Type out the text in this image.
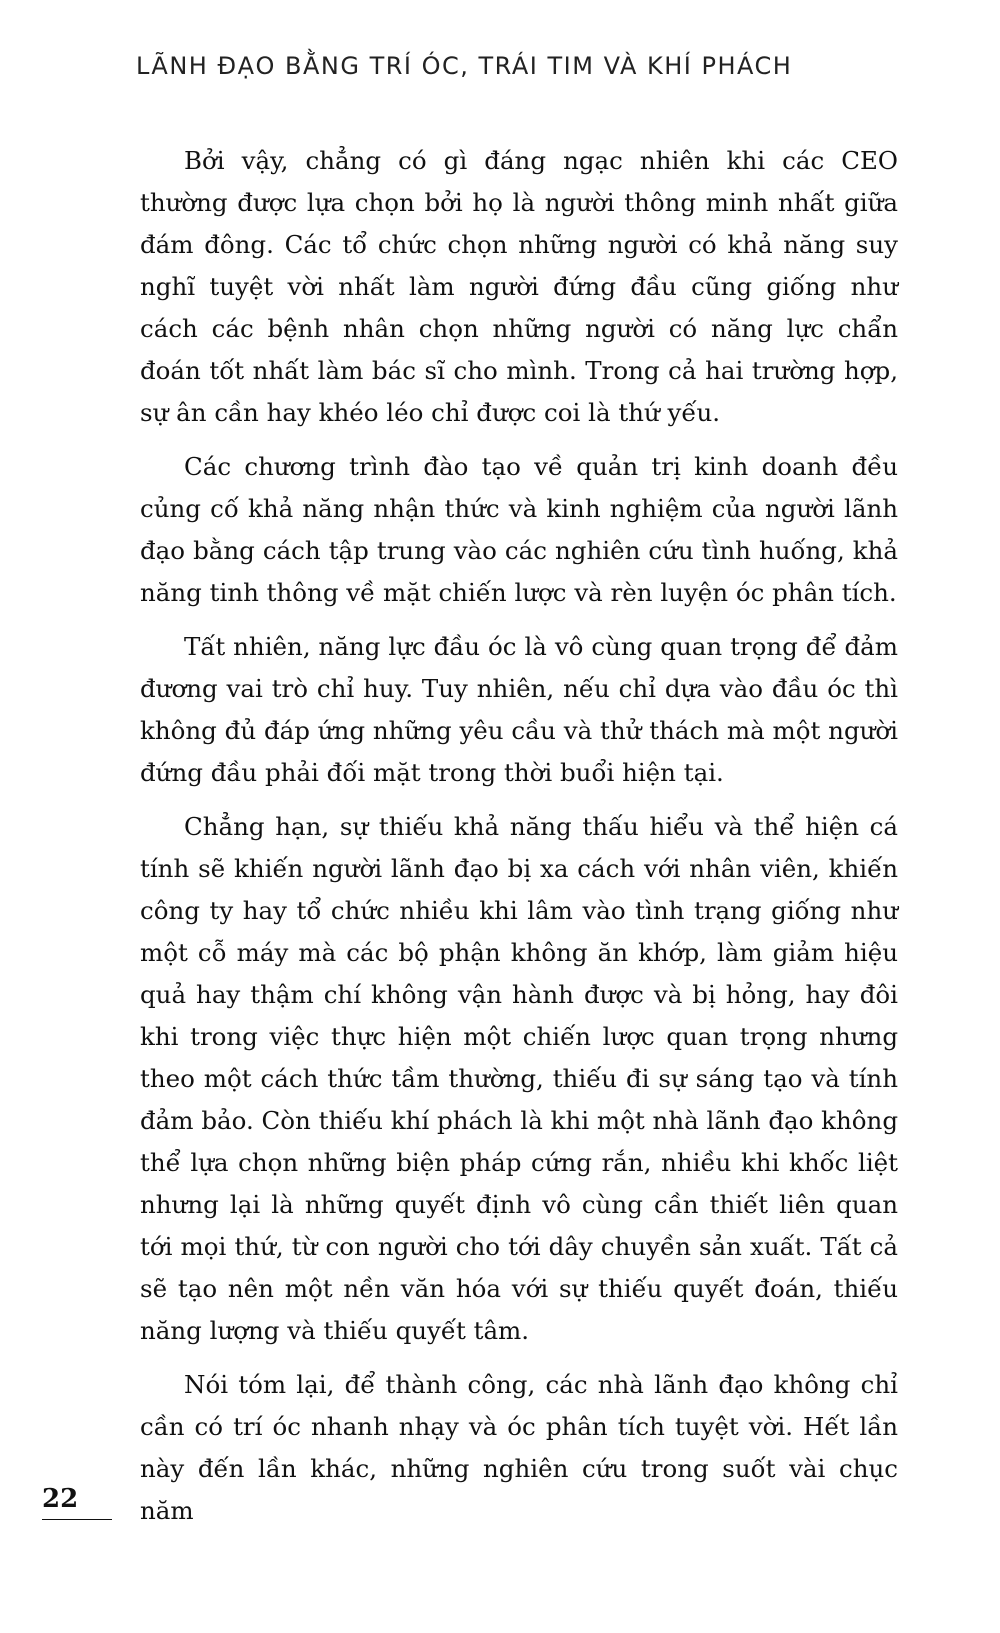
LÃNH ĐẠO BẰNG TRÍ ÓC, TRÁI TIM VÀ KHÍ PHÁCH

Bởi vậy, chẳng có gì đáng ngạc nhiên khi các CEO thường được lựa chọn bởi họ là người thông minh nhất giữa đám đông. Các tổ chức chọn những người có khả năng suy nghĩ tuyệt vời nhất làm người đứng đầu cũng giống như cách các bệnh nhân chọn những người có năng lực chẩn đoán tốt nhất làm bác sĩ cho mình. Trong cả hai trường hợp, sự ân cần hay khéo léo chỉ được coi là thứ yếu.

Các chương trình đào tạo về quản trị kinh doanh đều củng cố khả năng nhận thức và kinh nghiệm của người lãnh đạo bằng cách tập trung vào các nghiên cứu tình huống, khả năng tinh thông về mặt chiến lược và rèn luyện óc phân tích.

Tất nhiên, năng lực đầu óc là vô cùng quan trọng để đảm đương vai trò chỉ huy. Tuy nhiên, nếu chỉ dựa vào đầu óc thì không đủ đáp ứng những yêu cầu và thử thách mà một người đứng đầu phải đối mặt trong thời buổi hiện tại.

Chẳng hạn, sự thiếu khả năng thấu hiểu và thể hiện cá tính sẽ khiến người lãnh đạo bị xa cách với nhân viên, khiến công ty hay tổ chức nhiều khi lâm vào tình trạng giống như một cỗ máy mà các bộ phận không ăn khớp, làm giảm hiệu quả hay thậm chí không vận hành được và bị hỏng, hay đôi khi trong việc thực hiện một chiến lược quan trọng nhưng theo một cách thức tầm thường, thiếu đi sự sáng tạo và tính đảm bảo. Còn thiếu khí phách là khi một nhà lãnh đạo không thể lựa chọn những biện pháp cứng rắn, nhiều khi khốc liệt nhưng lại là những quyết định vô cùng cần thiết liên quan tới mọi thứ, từ con người cho tới dây chuyền sản xuất. Tất cả sẽ tạo nên một nền văn hóa với sự thiếu quyết đoán, thiếu năng lượng và thiếu quyết tâm.

Nói tóm lại, để thành công, các nhà lãnh đạo không chỉ cần có trí óc nhanh nhạy và óc phân tích tuyệt vời. Hết lần này đến lần khác, những nghiên cứu trong suốt vài chục năm

22
